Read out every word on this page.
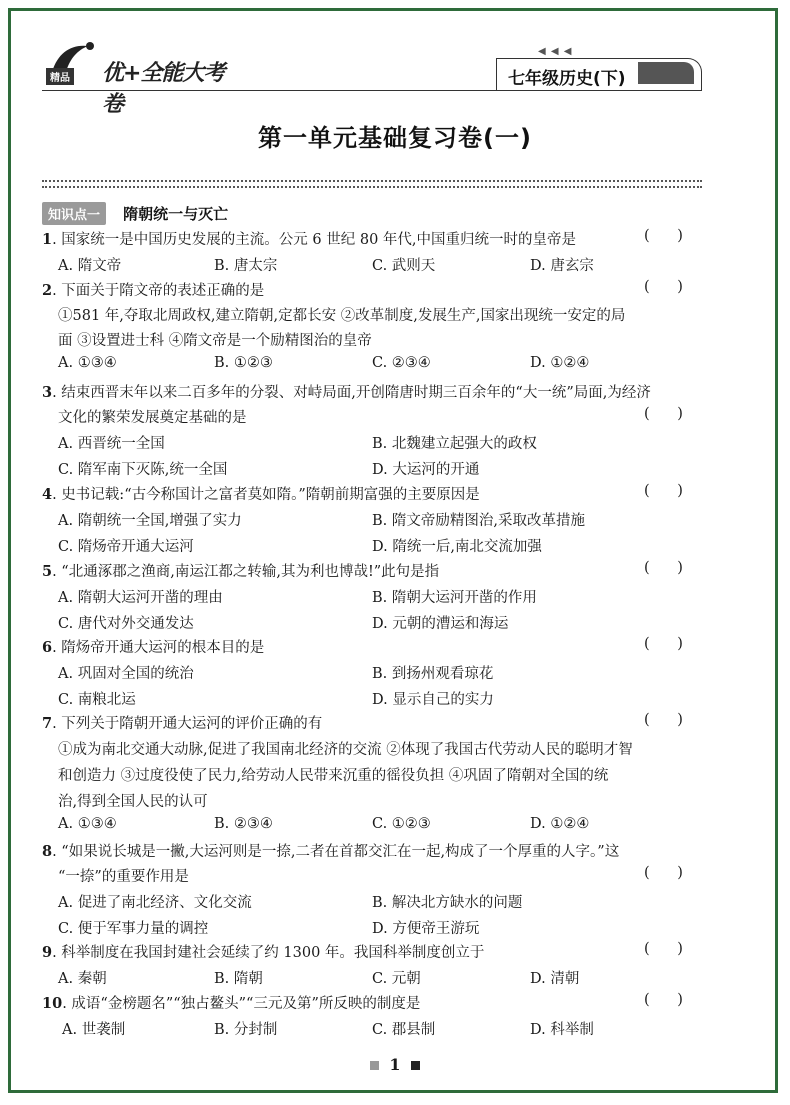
精品 优+全能大考卷
◀ ◀ ◀
七年级历史(下)
第一单元基础复习卷(一)
知识点一 隋朝统一与灭亡
1. 国家统一是中国历史发展的主流。公元 6 世纪 80 年代,中国重归统一时的皇帝是	(      )
A. 隋文帝	B. 唐太宗	C. 武则天	D. 唐玄宗
2. 下面关于隋文帝的表述正确的是	(      )
①581 年,夺取北周政权,建立隋朝,定都长安 ②改革制度,发展生产,国家出现统一安定的局
面 ③设置进士科 ④隋文帝是一个励精图治的皇帝
A. ①③④	B. ①②③	C. ②③④	D. ①②④
3. 结束西晋末年以来二百多年的分裂、对峙局面,开创隋唐时期三百余年的“大一统”局面,为经济
文化的繁荣发展奠定基础的是	(      )
A. 西晋统一全国	B. 北魏建立起强大的政权
C. 隋军南下灭陈,统一全国	D. 大运河的开通
4. 史书记载:“古今称国计之富者莫如隋。”隋朝前期富强的主要原因是	(      )
A. 隋朝统一全国,增强了实力	B. 隋文帝励精图治,采取改革措施
C. 隋炀帝开通大运河	D. 隋统一后,南北交流加强
5. “北通涿郡之渔商,南运江都之转输,其为利也博哉!”此句是指	(      )
A. 隋朝大运河开凿的理由	B. 隋朝大运河开凿的作用
C. 唐代对外交通发达	D. 元朝的漕运和海运
6. 隋炀帝开通大运河的根本目的是	(      )
A. 巩固对全国的统治	B. 到扬州观看琼花
C. 南粮北运	D. 显示自己的实力
7. 下列关于隋朝开通大运河的评价正确的有	(      )
①成为南北交通大动脉,促进了我国南北经济的交流 ②体现了我国古代劳动人民的聪明才智
和创造力 ③过度役使了民力,给劳动人民带来沉重的徭役负担 ④巩固了隋朝对全国的统
治,得到全国人民的认可
A. ①③④	B. ②③④	C. ①②③	D. ①②④
8. “如果说长城是一撇,大运河则是一捺,二者在首都交汇在一起,构成了一个厚重的人字。”这
“一捺”的重要作用是	(      )
A. 促进了南北经济、文化交流	B. 解决北方缺水的问题
C. 便于军事力量的调控	D. 方便帝王游玩
9. 科举制度在我国封建社会延续了约 1300 年。我国科举制度创立于	(      )
A. 秦朝	B. 隋朝	C. 元朝	D. 清朝
10. 成语“金榜题名”“独占鳌头”“三元及第”所反映的制度是	(      )
A. 世袭制	B. 分封制	C. 郡县制	D. 科举制
1
